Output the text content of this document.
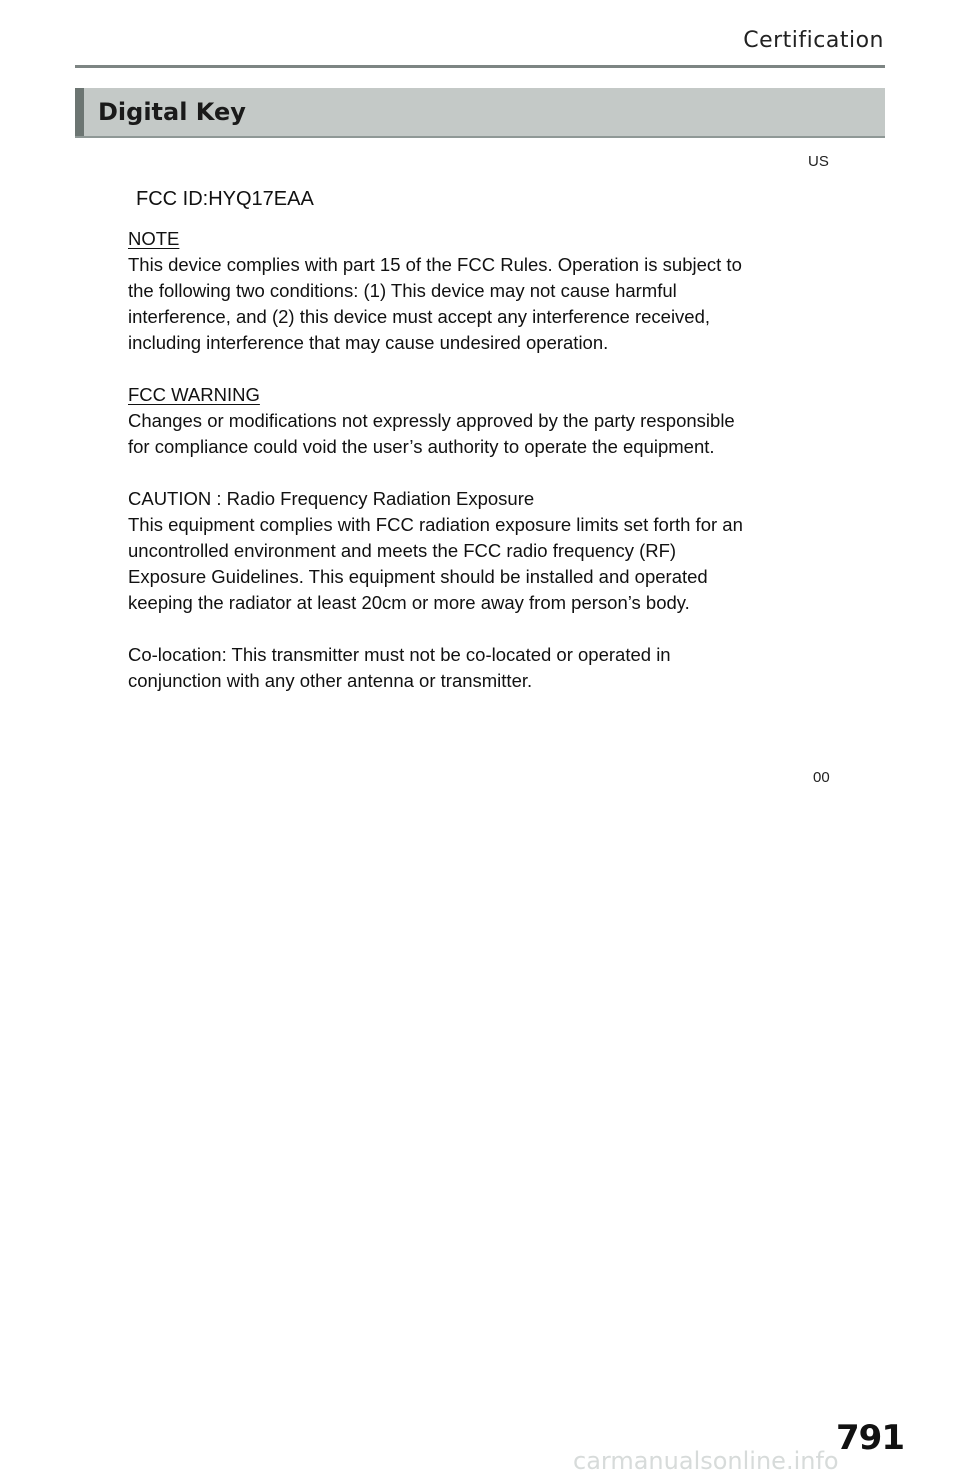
Certification
Digital Key
US
FCC ID:HYQ17EAA
NOTE
This device complies with part 15 of the FCC Rules. Operation is subject to the following two conditions: (1) This device may not cause harmful interference, and (2) this device must accept any interference received, including interference that may cause undesired operation.
FCC WARNING
Changes or modifications not expressly approved by the party responsible for compliance could void the user’s authority to operate the equipment.
CAUTION : Radio Frequency Radiation Exposure
This equipment complies with FCC radiation exposure limits set forth for an uncontrolled environment and meets the FCC radio frequency (RF) Exposure Guidelines. This equipment should be installed and operated keeping the radiator at least 20cm or more away from person’s body.
Co-location: This transmitter must not be co-located or operated in conjunction with any other antenna or transmitter.
00
791
carmanualsonline.info
